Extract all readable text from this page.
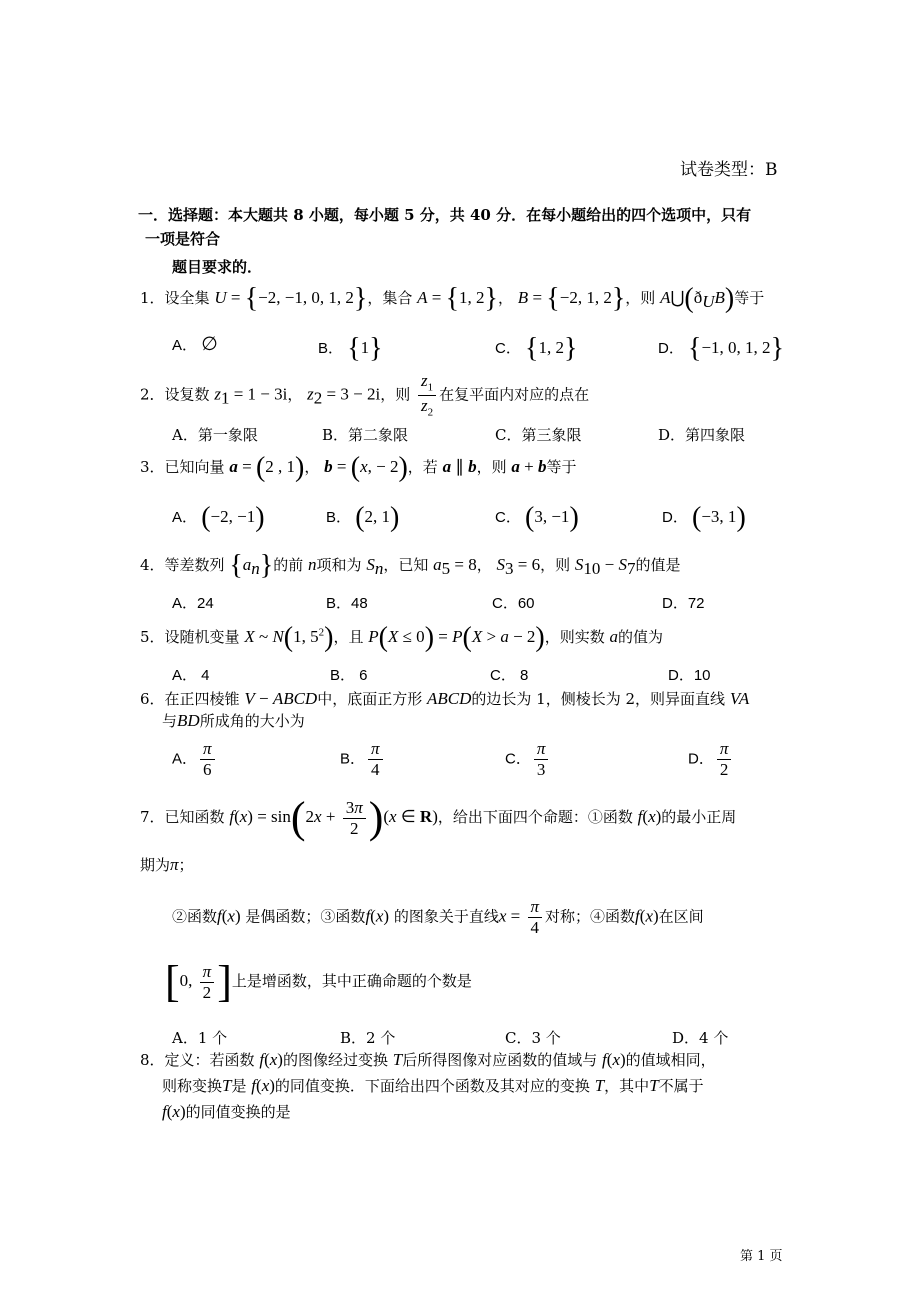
试卷类型：B
一．选择题：本大题共 8 小题，每小题 5 分，共 40 分．在每小题给出的四个选项中，只有
一项是符合
题目要求的．
1．设全集 U = {−2, −1, 0, 1, 2}，集合 A = {1, 2}， B = {−2, 1, 2}，则 $A⋃(ð_UB)$等于
A． ∅	B． {1}	C． {1, 2}	D． {−1, 0, 1, 2}
2．设复数 $z_1 = 1 - 3i$， $z_2 = 3 - 2i$，则 $\frac{z_1}{z_2}$ 在复平面内对应的点在
A．第一象限	B．第二象限	C．第三象限	D．第四象限
3．已知向量 a = (2 , 1)， b = (x, − 2)，若 a ∥ b，则 a + b等于
A． (−2, −1)	B． (2, 1)	C． (3, −1)	D． (−3, 1)
4．等差数列 $\{a_n\}$的前 n项和为 $S_n$，已知 $a_5 = 8$， $S_3 = 6$，则 $S_{10} - S_7$的值是
A．24	B．48	C．60	D．72
5．设随机变量 X ~ N(1, $5^2$)，且 P(X ≤ 0) = P(X > a − 2)，则实数 a的值为
A． 4	B． 6	C． 8	D．10
6．在正四棱锥 V − ABCD中，底面正方形 ABCD的边长为 1，侧棱长为 2，则异面直线 VA
与BD所成角的大小为
A． $\frac{\pi}{6}$	B． $\frac{\pi}{4}$	C． $\frac{\pi}{3}$	D． $\frac{\pi}{2}$
7．已知函数 $f(x) = \sin(2x + \frac{3\pi}{2} )(x$ ∈ R)，给出下面四个命题：①函数 f(x)的最小正周
期为π；
②函数f(x) 是偶函数；③函数f(x) 的图象关于直线$x = \frac{\pi}{4}$ 对称；④函数f(x)在区间
[0, $\frac{\pi}{2}$ ]上是增函数，其中正确命题的个数是
A．1 个	B．2 个	C．3 个	D．4 个
8．定义：若函数 f(x)的图像经过变换 T后所得图像对应函数的值域与 f(x)的值域相同，
则称变换T是 f(x)的同值变换．下面给出四个函数及其对应的变换 T，其中T不属于
f(x)的同值变换的是
第 1 页
